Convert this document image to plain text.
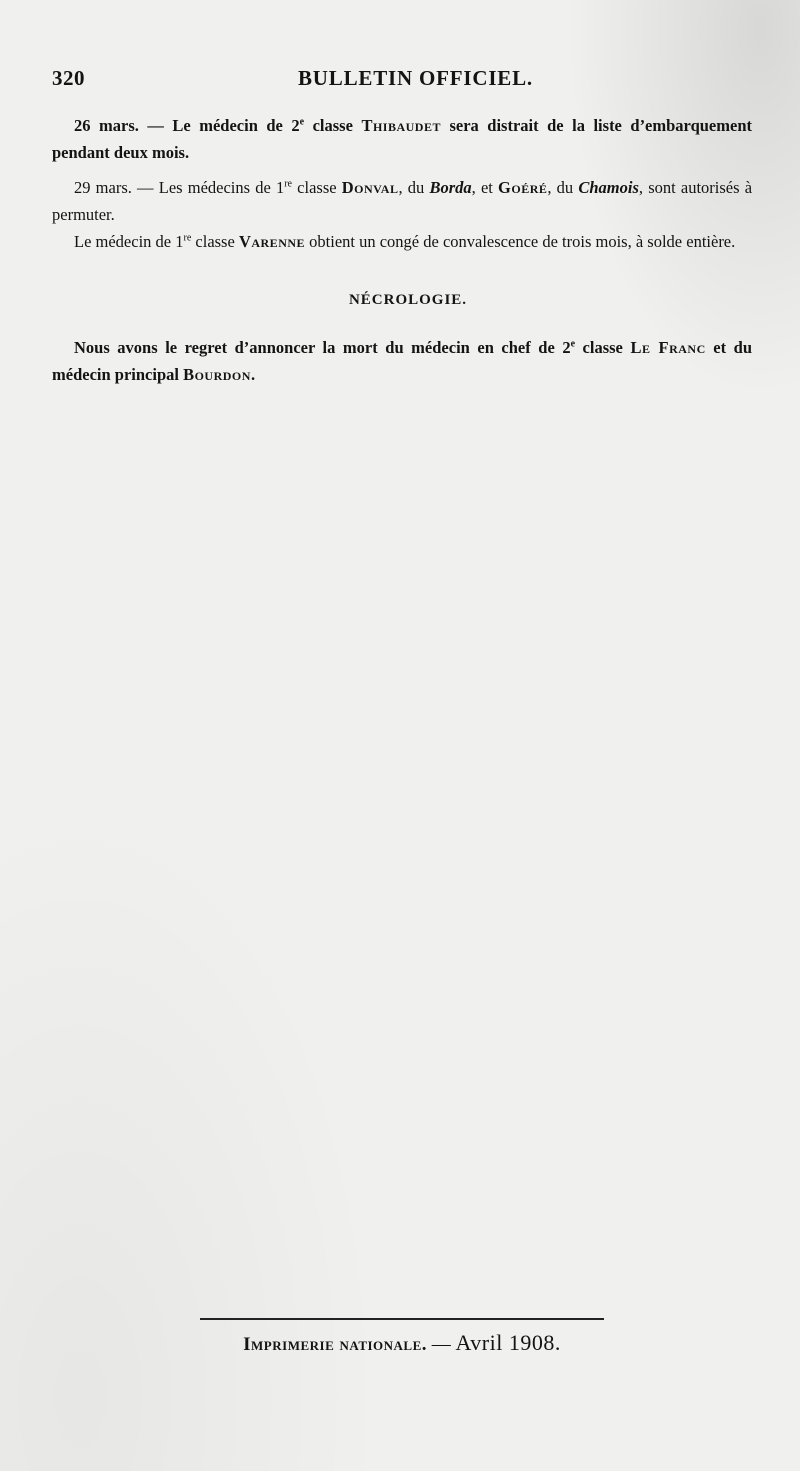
320	BULLETIN OFFICIEL.

26 mars. — Le médecin de 2e classe Thibaudet sera distrait de la liste d’embarquement pendant deux mois.

29 mars. — Les médecins de 1re classe Donval, du Borda, et Goéré, du Chamois, sont autorisés à permuter.

Le médecin de 1re classe Varenne obtient un congé de convalescence de trois mois, à solde entière.

NÉCROLOGIE.

Nous avons le regret d’annoncer la mort du médecin en chef de 2e classe Le Franc et du médecin principal Bourdon.

Imprimerie nationale. — Avril 1908.
